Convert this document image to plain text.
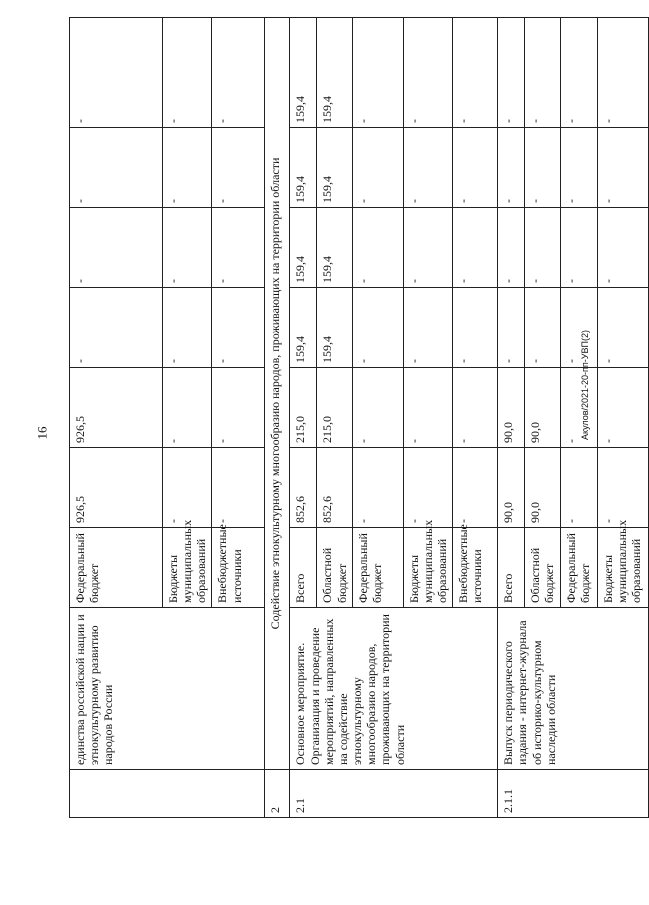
16	Акулов/2021-20-пп-УВП(2)
	единства российской нации и этнокультурному развитию народов России	Федеральный бюджет	926,5	926,5	-	-	-	-
		Бюджеты муниципальных образований	-	-	-	-	-	-
		Внебюджетные источники	-	-	-	-	-	-
2	Содействие этнокультурному многообразию народов, проживающих на территории области							
2.1	Основное мероприятие. Организация и проведение мероприятий, направленных на содействие этнокультурному многообразию народов, проживающих на территории области	Всего	852,6	215,0	159,4	159,4	159,4	159,4
		Областной бюджет	852,6	215,0	159,4	159,4	159,4	159,4
		Федеральный бюджет	-	-	-	-	-	-
		Бюджеты муниципальных образований	-	-	-	-	-	-
		Внебюджетные источники	-	-	-	-	-	-
2.1.1	Выпуск периодического издания - интернет-журнала об историко-культурном наследии области	Всего	90,0	90,0	-	-	-	-
		Областной бюджет	90,0	90,0	-	-	-	-
		Федеральный бюджет	-	-	-	-	-	-
		Бюджеты муниципальных образований	-	-	-	-	-	-
